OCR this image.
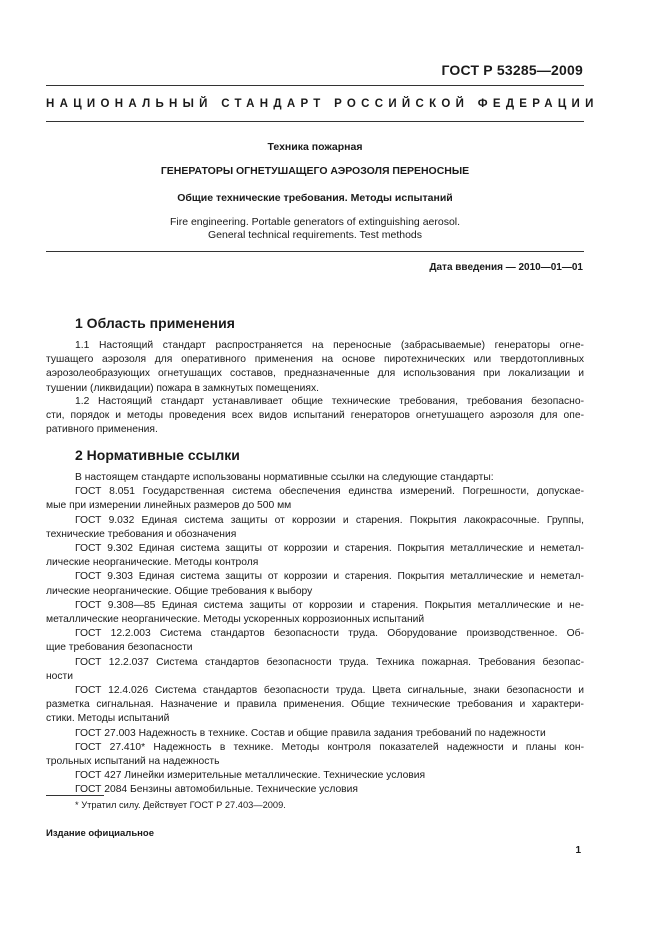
ГОСТ Р 53285—2009
НАЦИОНАЛЬНЫЙ СТАНДАРТ РОССИЙСКОЙ ФЕДЕРАЦИИ
Техника пожарная
ГЕНЕРАТОРЫ ОГНЕТУШАЩЕГО АЭРОЗОЛЯ ПЕРЕНОСНЫЕ
Общие технические требования. Методы испытаний
Fire engineering. Portable generators of extinguishing aerosol.
General technical requirements. Test methods
Дата введения — 2010—01—01
1 Область применения
1.1 Настоящий стандарт распространяется на переносные (забрасываемые) генераторы огне-
тушащего аэрозоля для оперативного применения на основе пиротехнических или твердотопливных
аэрозолеобразующих огнетушащих составов, предназначенные для использования при локализации и
тушении (ликвидации) пожара в замкнутых помещениях.
1.2 Настоящий стандарт устанавливает общие технические требования, требования безопасно-
сти, порядок и методы проведения всех видов испытаний генераторов огнетушащего аэрозоля для опе-
ративного применения.
2 Нормативные ссылки
В настоящем стандарте использованы нормативные ссылки на следующие стандарты:
ГОСТ 8.051 Государственная система обеспечения единства измерений. Погрешности, допускае-
мые при измерении линейных размеров до 500 мм
ГОСТ 9.032 Единая система защиты от коррозии и старения. Покрытия лакокрасочные. Группы,
технические требования и обозначения
ГОСТ 9.302 Единая система защиты от коррозии и старения. Покрытия металлические и неметал-
лические неорганические. Методы контроля
ГОСТ 9.303 Единая система защиты от коррозии и старения. Покрытия металлические и неметал-
лические неорганические. Общие требования к выбору
ГОСТ 9.308—85 Единая система защиты от коррозии и старения. Покрытия металлические и не-
металлические неорганические. Методы ускоренных коррозионных испытаний
ГОСТ 12.2.003 Система стандартов безопасности труда. Оборудование производственное. Об-
щие требования безопасности
ГОСТ 12.2.037 Система стандартов безопасности труда. Техника пожарная. Требования безопас-
ности
ГОСТ 12.4.026 Система стандартов безопасности труда. Цвета сигнальные, знаки безопасности и
разметка сигнальная. Назначение и правила применения. Общие технические требования и характери-
стики. Методы испытаний
ГОСТ 27.003 Надежность в технике. Состав и общие правила задания требований по надежности
ГОСТ 27.410* Надежность в технике. Методы контроля показателей надежности и планы кон-
трольных испытаний на надежность
ГОСТ 427 Линейки измерительные металлические. Технические условия
ГОСТ 2084 Бензины автомобильные. Технические условия
* Утратил силу. Действует ГОСТ Р 27.403—2009.
Издание официальное
1
